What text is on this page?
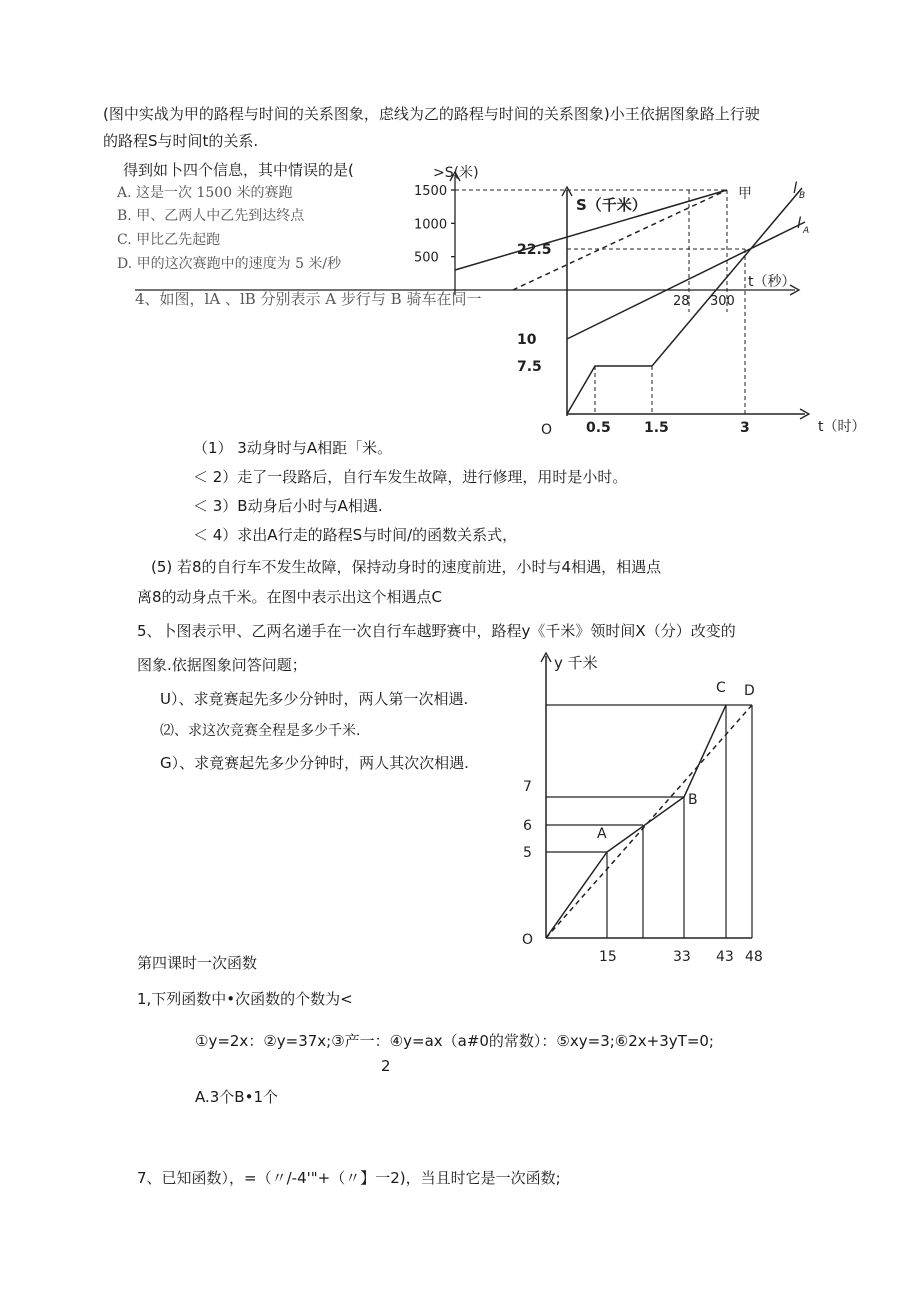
>S(米)
t（秒）
1500
1000
500
甲
28 300
S（千米）
t（时）
O
22.5
10
7.5
0.5 1.5	3
l B
l A
y 千米
O
7
6
5
A
B
C D
15	33 43 48
(图中实战为甲的路程与时间的关系图象，虑线为乙的路程与时间的关系图象)小王依据图象路上行驶
的路程S与时间t的关系.
得到如卜四个信息，其中情误的是(
A. 这是一次 1500 米的赛跑
B. 甲、乙两人中乙先到达终点
C. 甲比乙先起跑
D. 甲的这次赛跑中的速度为 5 米/秒
4、如图，lA 、lB 分别表示 A 步行与 B 骑车在同一
（1） 3动身时与A相距「米。
＜ 2）走了一段路后，自行车发生故障，进行修理，用时是小时。
＜ 3）B动身后小时与A相遇.
＜ 4）求出A行走的路程S与时间/的函数关系式，
(5) 若8的自行车不发生故障，保持动身时的速度前进，小时与4相遇，相遇点
离8的动身点千米。在图中表示出这个相遇点C
5、卜图表示甲、乙两名递手在一次自行车越野赛中，路程y《千米》领时间X（分）改变的
图象.依据图象问答问题；
U）、求竟赛起先多少分钟时，两人第一次相遇.
⑵、求这次竞赛全程是多少千米.
G）、求竟赛起先多少分钟时，两人其次次相遇.
第四课时一次函数
1,下列函数中•次函数的个数为<
①y=2x：②y=37x;③产一：④y=ax（a#0的常数）：⑤xy=3;⑥2x+3yT=0;
2
A.3个B•1个
7、已知函数），=（〃/-4'"+（〃】一2)，当且时它是一次函数;
